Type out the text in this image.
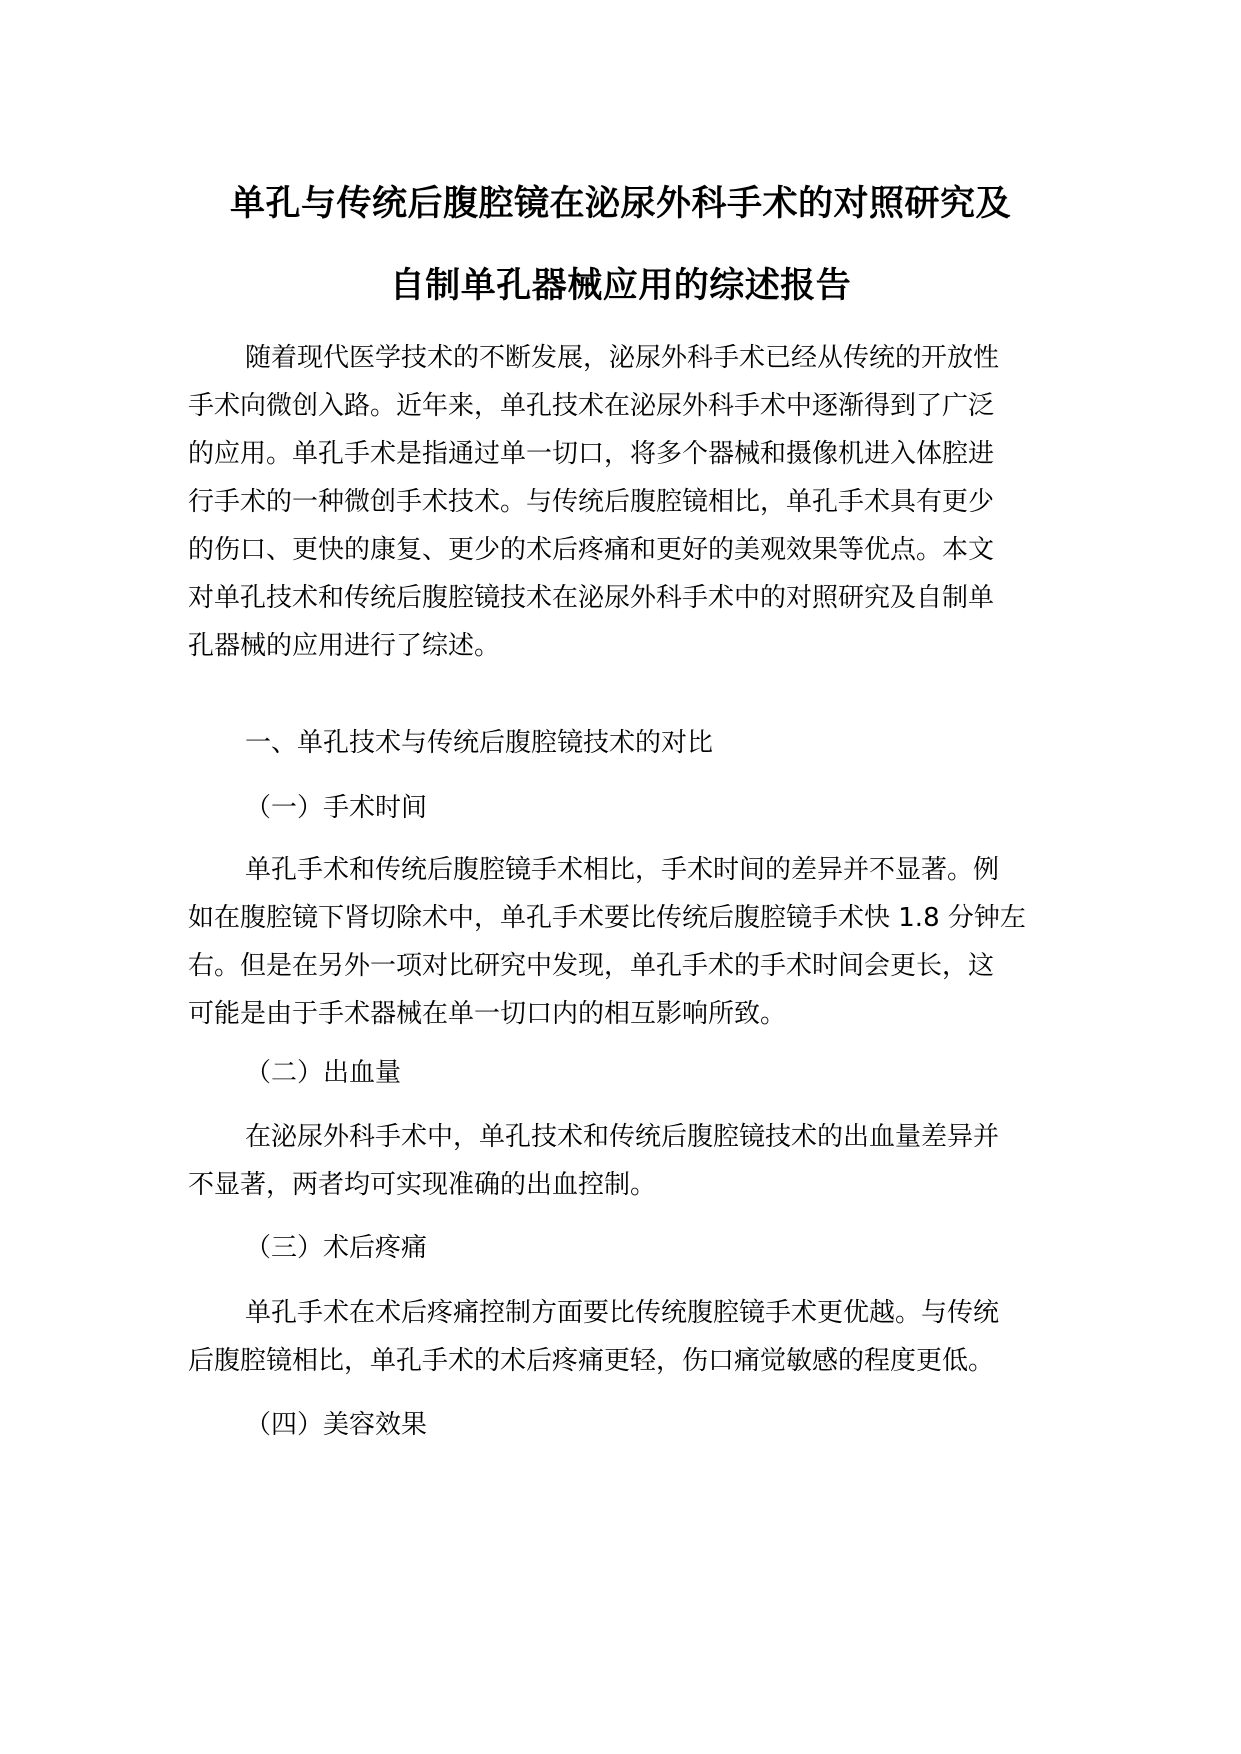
单孔与传统后腹腔镜在泌尿外科手术的对照研究及
自制单孔器械应用的综述报告
随着现代医学技术的不断发展，泌尿外科手术已经从传统的开放性
手术向微创入路。近年来，单孔技术在泌尿外科手术中逐渐得到了广泛
的应用。单孔手术是指通过单一切口，将多个器械和摄像机进入体腔进
行手术的一种微创手术技术。与传统后腹腔镜相比，单孔手术具有更少
的伤口、更快的康复、更少的术后疼痛和更好的美观效果等优点。本文
对单孔技术和传统后腹腔镜技术在泌尿外科手术中的对照研究及自制单
孔器械的应用进行了综述。
一、单孔技术与传统后腹腔镜技术的对比
（一）手术时间
单孔手术和传统后腹腔镜手术相比，手术时间的差异并不显著。例
如在腹腔镜下肾切除术中，单孔手术要比传统后腹腔镜手术快 1.8 分钟左
右。但是在另外一项对比研究中发现，单孔手术的手术时间会更长，这
可能是由于手术器械在单一切口内的相互影响所致。
（二）出血量
在泌尿外科手术中，单孔技术和传统后腹腔镜技术的出血量差异并
不显著，两者均可实现准确的出血控制。
（三）术后疼痛
单孔手术在术后疼痛控制方面要比传统腹腔镜手术更优越。与传统
后腹腔镜相比，单孔手术的术后疼痛更轻，伤口痛觉敏感的程度更低。
（四）美容效果
